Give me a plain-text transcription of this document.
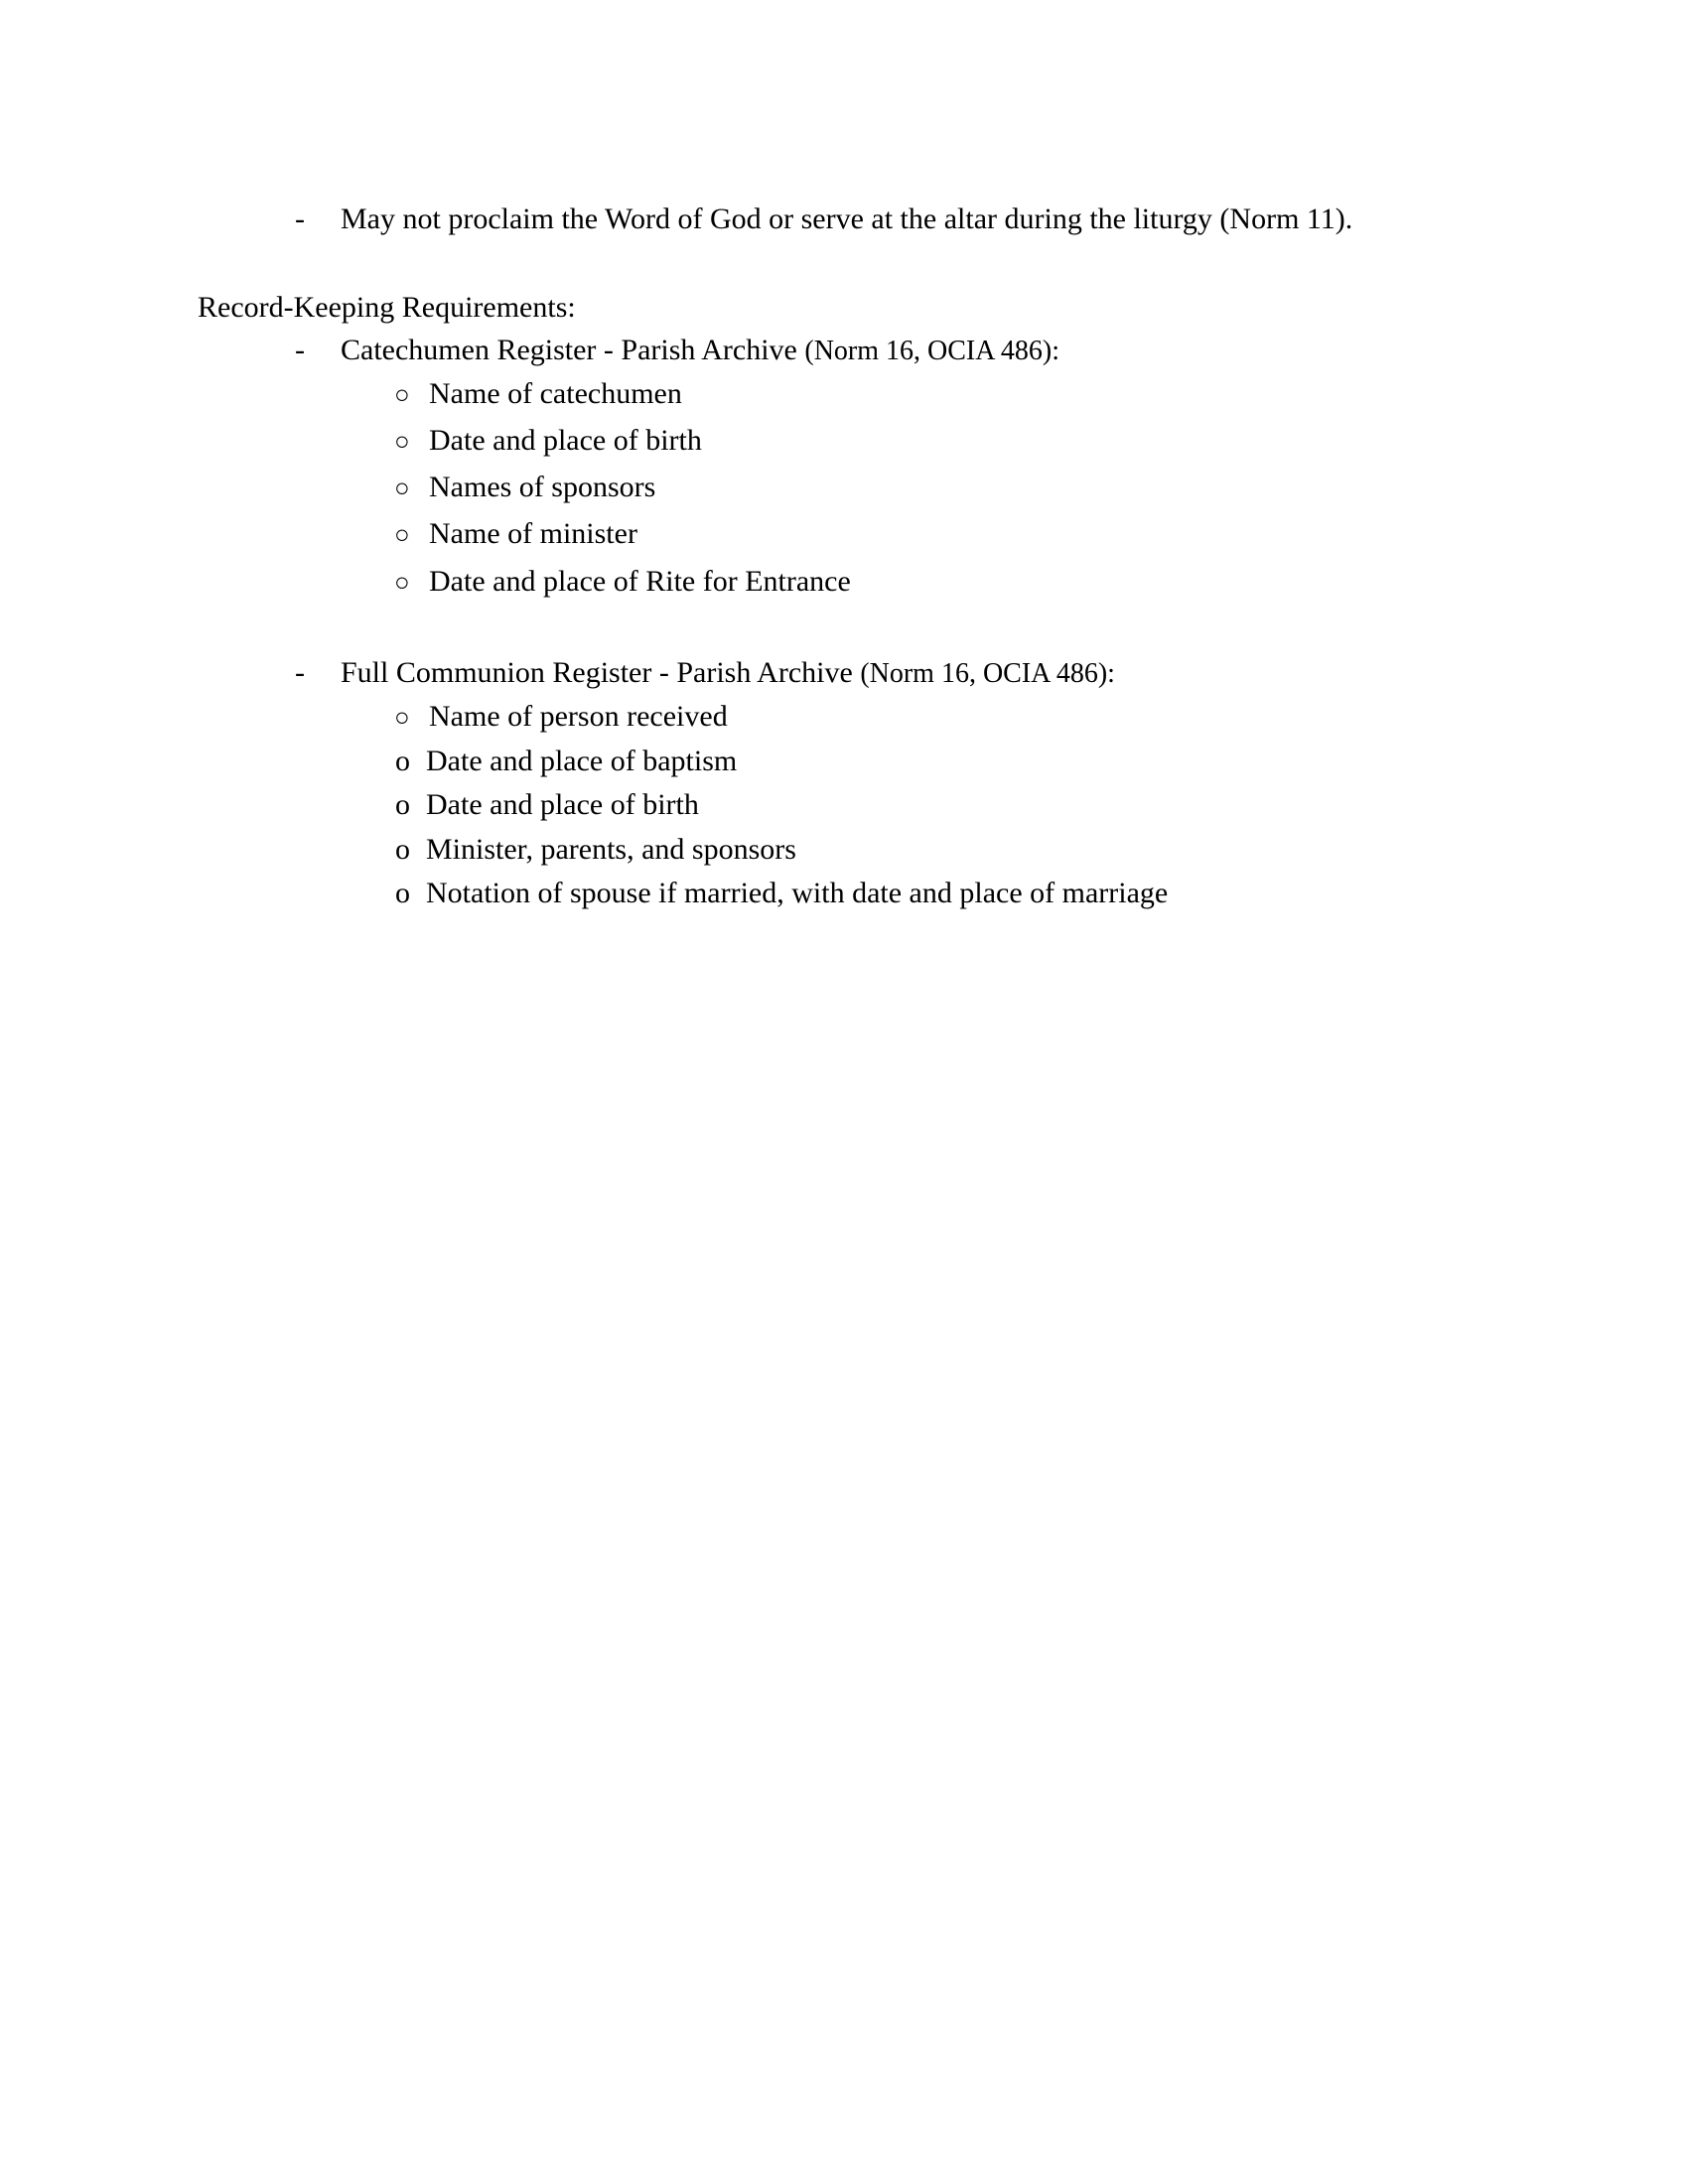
- May not proclaim the Word of God or serve at the altar during the liturgy (Norm 11).
Record-Keeping Requirements:
- Catechumen Register - Parish Archive (Norm 16, OCIA 486):
○ Name of catechumen
○ Date and place of birth
○ Names of sponsors
○ Name of minister
○ Date and place of Rite for Entrance
- Full Communion Register - Parish Archive (Norm 16, OCIA 486):
○ Name of person received
o Date and place of baptism
o Date and place of birth
o Minister, parents, and sponsors
o Notation of spouse if married, with date and place of marriage
